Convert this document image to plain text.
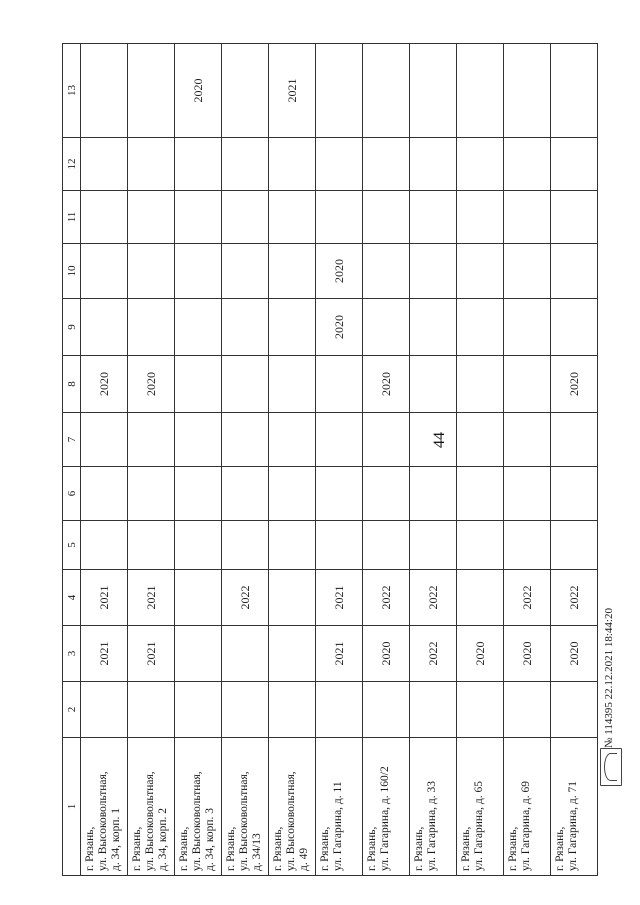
44
1	2	3	4	5	6	7	8	9	10	11	12	13

г. Рязань, ул. Высоковольтная, д. 34, корп. 1		2021	2021				2020					

г. Рязань, ул. Высоковольтная, д. 34, корп. 2		2021	2021				2020					

г. Рязань, ул. Высоковольтная, д. 34, корп. 3												2020

г. Рязань, ул. Высоковольтная, д. 34/13			2022									

г. Рязань, ул. Высоковольтная, д. 49												2021

г. Рязань, ул. Гагарина, д. 11		2021	2021					2020	2020			

г. Рязань, ул. Гагарина, д. 160/2		2020	2022				2020					

г. Рязань, ул. Гагарина, д. 33		2022	2022									

г. Рязань, ул. Гагарина, д. 65		2020										

г. Рязань, ул. Гагарина, д. 69		2020	2022									

г. Рязань, ул. Гагарина, д. 71		2020	2022				2020					
№ 114395 22.12.2021 18:44:20
